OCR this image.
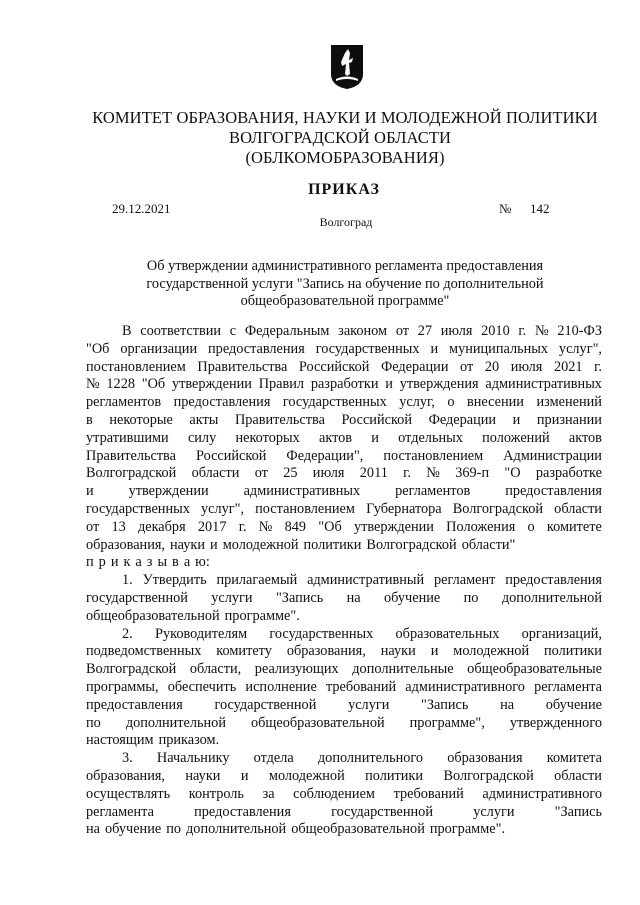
КОМИТЕТ ОБРАЗОВАНИЯ, НАУКИ И МОЛОДЕЖНОЙ ПОЛИТИКИ
ВОЛГОГРАДСКОЙ ОБЛАСТИ
(ОБЛКОМОБРАЗОВАНИЯ)
ПРИКАЗ
29.12.2021	№ 142
Волгоград
Об утверждении административного регламента предоставления
государственной услуги "Запись на обучение по дополнительной
общеобразовательной программе"
В соответствии с Федеральным законом от 27 июля 2010 г. № 210-ФЗ
"Об организации предоставления государственных и муниципальных услуг",
постановлением Правительства Российской Федерации от 20 июля 2021 г.
№ 1228 "Об утверждении Правил разработки и утверждения административных
регламентов предоставления государственных услуг, о внесении изменений
в некоторые акты Правительства Российской Федерации и признании
утратившими силу некоторых актов и отдельных положений актов
Правительства Российской Федерации", постановлением Администрации
Волгоградской области от 25 июля 2011 г. № 369-п "О разработке
и утверждении административных регламентов предоставления
государственных услуг", постановлением Губернатора Волгоградской области
от 13 декабря 2017 г. № 849 "Об утверждении Положения о комитете
образования, науки и молодежной политики Волгоградской области"
п р и к а з ы в а ю:
1. Утвердить прилагаемый административный регламент предоставления
государственной услуги "Запись на обучение по дополнительной
общеобразовательной программе".
2. Руководителям государственных образовательных организаций,
подведомственных комитету образования, науки и молодежной политики
Волгоградской области, реализующих дополнительные общеобразовательные
программы, обеспечить исполнение требований административного регламента
предоставления государственной услуги "Запись на обучение
по дополнительной общеобразовательной программе", утвержденного
настоящим приказом.
3. Начальнику отдела дополнительного образования комитета
образования, науки и молодежной политики Волгоградской области
осуществлять контроль за соблюдением требований административного
регламента	предоставления	государственной	услуги	"Запись
на обучение по дополнительной общеобразовательной программе".
